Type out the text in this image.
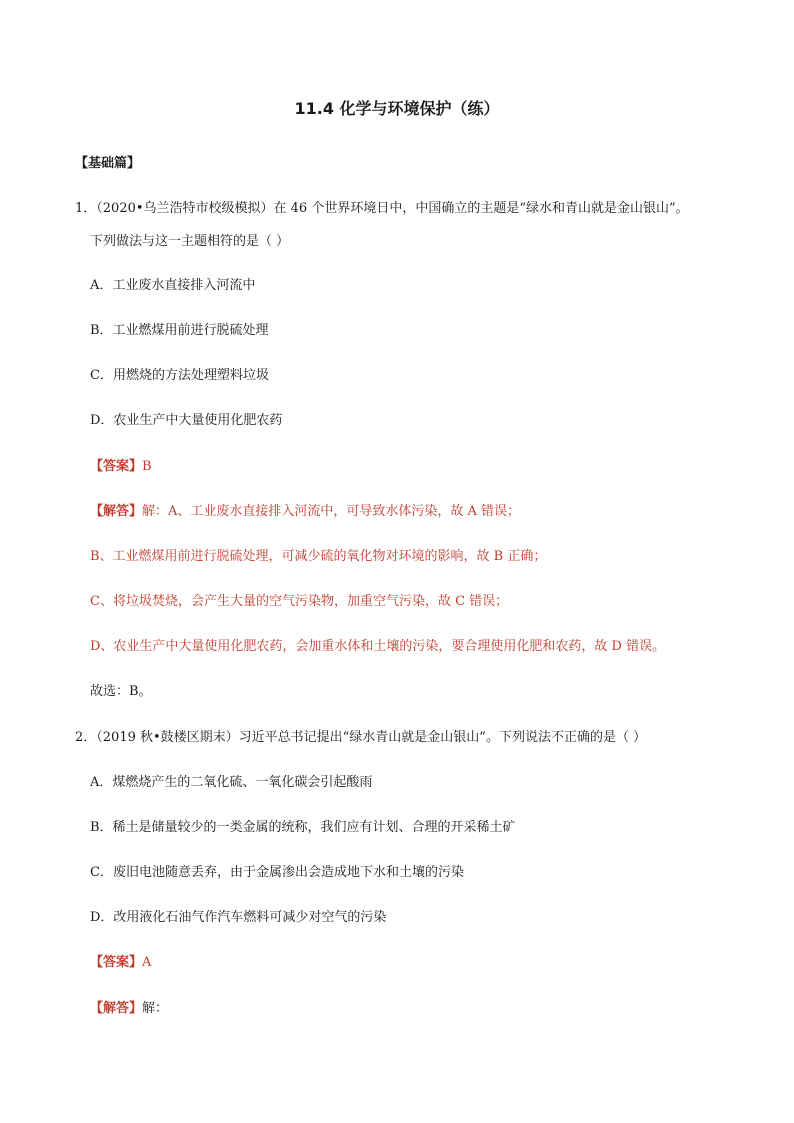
11.4 化学与环境保护（练）
【基础篇】
1．（2020•乌兰浩特市校级模拟）在 46 个世界环境日中，中国确立的主题是“绿水和青山就是金山银山”。
下列做法与这一主题相符的是（ ）
A．工业废水直接排入河流中
B．工业燃煤用前进行脱硫处理
C．用燃烧的方法处理塑料垃圾
D．农业生产中大量使用化肥农药
【答案】B
【解答】解：A、工业废水直接排入河流中，可导致水体污染，故 A 错误；
B、工业燃煤用前进行脱硫处理，可减少硫的氧化物对环境的影响，故 B 正确；
C、将垃圾焚烧，会产生大量的空气污染物，加重空气污染，故 C 错误；
D、农业生产中大量使用化肥农药，会加重水体和土壤的污染，要合理使用化肥和农药，故 D 错误。
故选：B。
2．（2019 秋•鼓楼区期末）习近平总书记提出“绿水青山就是金山银山”。下列说法不正确的是（ ）
A．煤燃烧产生的二氧化硫、一氧化碳会引起酸雨
B．稀土是储量较少的一类金属的统称，我们应有计划、合理的开采稀土矿
C．废旧电池随意丢弃，由于金属渗出会造成地下水和土壤的污染
D．改用液化石油气作汽车燃料可减少对空气的污染
【答案】A
【解答】解：
